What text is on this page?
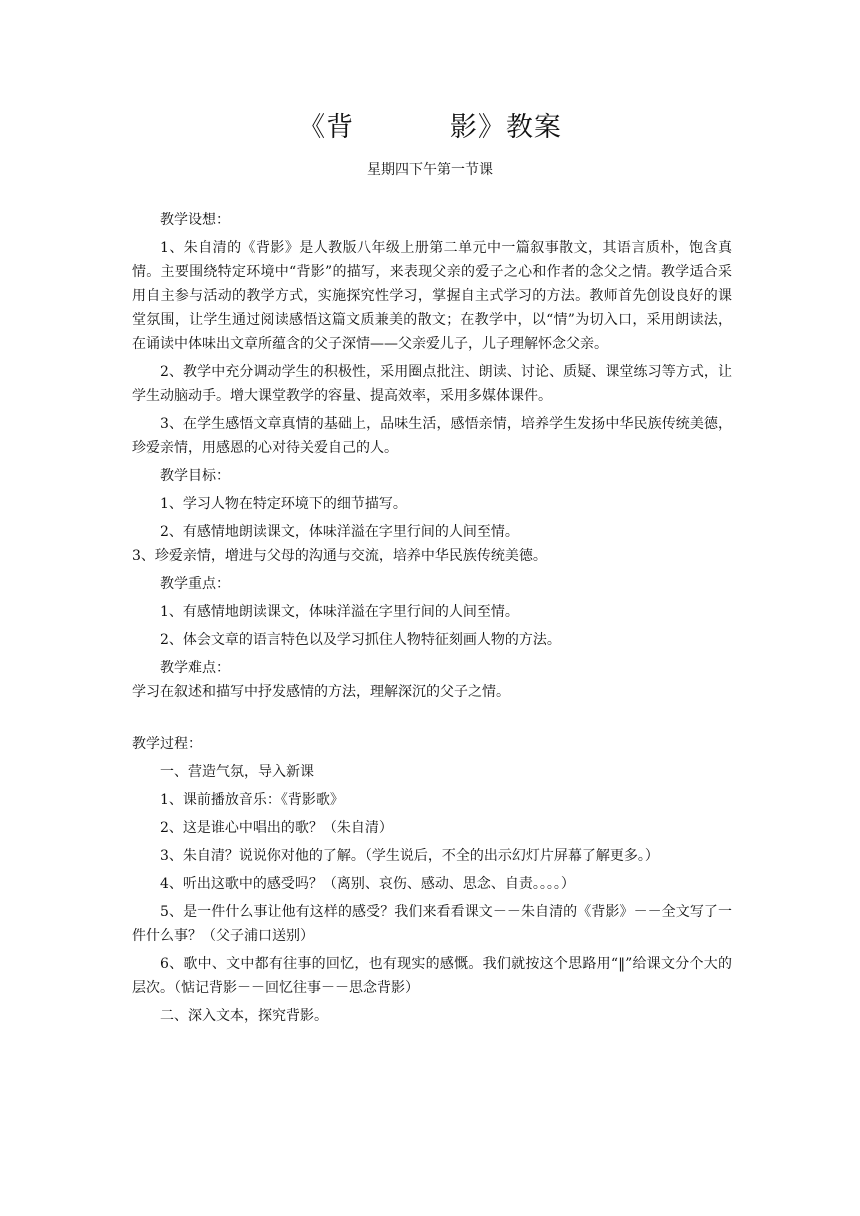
《背          影》教案
星期四下午第一节课

教学设想：

1、朱自清的《背影》是人教版八年级上册第二单元中一篇叙事散文，其语言质朴，饱含真情。主要围绕特定环境中“背影”的描写，来表现父亲的爱子之心和作者的念父之情。教学适合采用自主参与活动的教学方式，实施探究性学习，掌握自主式学习的方法。教师首先创设良好的课堂氛围，让学生通过阅读感悟这篇文质兼美的散文；在教学中，以“情”为切入口，采用朗读法，在诵读中体味出文章所蕴含的父子深情——父亲爱儿子，儿子理解怀念父亲。

2、教学中充分调动学生的积极性，采用圈点批注、朗读、讨论、质疑、课堂练习等方式，让学生动脑动手。增大课堂教学的容量、提高效率，采用多媒体课件。

3、在学生感悟文章真情的基础上，品味生活，感悟亲情，培养学生发扬中华民族传统美德，珍爱亲情，用感恩的心对待关爱自己的人。

教学目标：

1、学习人物在特定环境下的细节描写。

2、有感情地朗读课文，体味洋溢在字里行间的人间至情。

3、珍爱亲情，增进与父母的沟通与交流，培养中华民族传统美德。

教学重点：

1、有感情地朗读课文，体味洋溢在字里行间的人间至情。

2、体会文章的语言特色以及学习抓住人物特征刻画人物的方法。

教学难点：

学习在叙述和描写中抒发感情的方法，理解深沉的父子之情。

教学过程：

一、营造气氛，导入新课

1、课前播放音乐：《背影歌》

2、这是谁心中唱出的歌？（朱自清）

3、朱自清？说说你对他的了解。（学生说后，不全的出示幻灯片屏幕了解更多。）

4、听出这歌中的感受吗？（离别、哀伤、感动、思念、自责。。。。）

5、是一件什么事让他有这样的感受？我们来看看课文－－朱自清的《背影》－－全文写了一件什么事？（父子浦口送别）

6、歌中、文中都有往事的回忆，也有现实的感慨。我们就按这个思路用“‖”给课文分个大的层次。（惦记背影－－回忆往事－－思念背影）

二、深入文本，探究背影。
